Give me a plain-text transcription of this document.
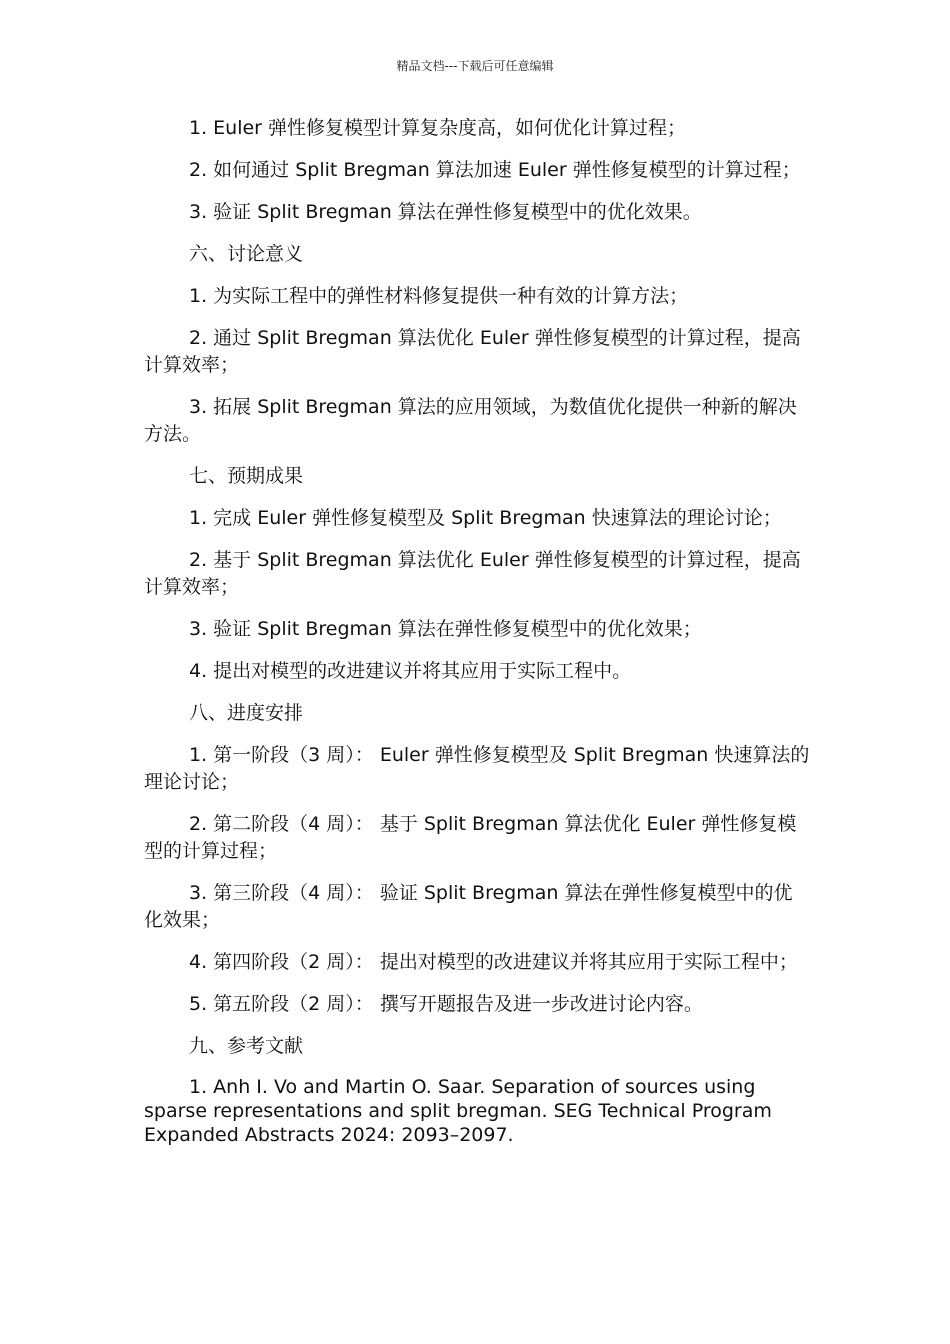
精品文档---下载后可任意编辑

1. Euler 弹性修复模型计算复杂度高，如何优化计算过程；

2. 如何通过 Split Bregman 算法加速 Euler 弹性修复模型的计算过程；

3. 验证 Split Bregman 算法在弹性修复模型中的优化效果。

六、讨论意义

1. 为实际工程中的弹性材料修复提供一种有效的计算方法；

2. 通过 Split Bregman 算法优化 Euler 弹性修复模型的计算过程，提高计算效率；

3. 拓展 Split Bregman 算法的应用领域，为数值优化提供一种新的解决方法。

七、预期成果

1. 完成 Euler 弹性修复模型及 Split Bregman 快速算法的理论讨论；

2. 基于 Split Bregman 算法优化 Euler 弹性修复模型的计算过程，提高计算效率；

3. 验证 Split Bregman 算法在弹性修复模型中的优化效果；

4. 提出对模型的改进建议并将其应用于实际工程中。

八、进度安排

1. 第一阶段（3 周）： Euler 弹性修复模型及 Split Bregman 快速算法的理论讨论；

2. 第二阶段（4 周）： 基于 Split Bregman 算法优化 Euler 弹性修复模型的计算过程；

3. 第三阶段（4 周）： 验证 Split Bregman 算法在弹性修复模型中的优化效果；

4. 第四阶段（2 周）： 提出对模型的改进建议并将其应用于实际工程中；

5. 第五阶段（2 周）： 撰写开题报告及进一步改进讨论内容。

九、参考文献

1. Anh I. Vo and Martin O. Saar. Separation of sources using sparse representations and split bregman. SEG Technical Program Expanded Abstracts 2024: 2093–2097.
